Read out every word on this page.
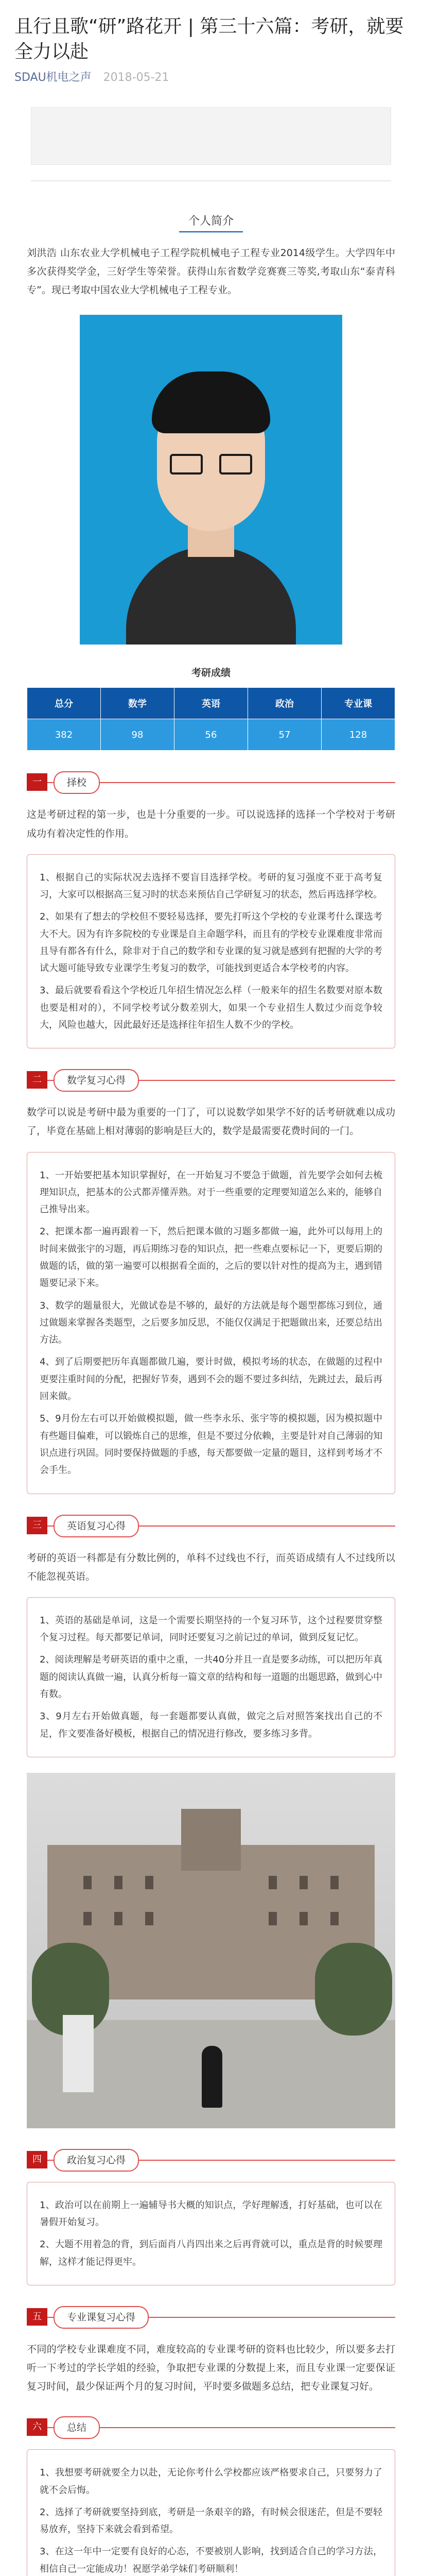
且行且歌“研”路花开 | 第三十六篇：考研，就要全力以赴
SDAU机电之声 2018-05-21
个人简介

刘洪浩 山东农业大学机械电子工程学院机械电子工程专业2014级学生。大学四年中多次获得奖学金，三好学生等荣誉。获得山东省数学竞赛赛三等奖,考取山东“泰青科专”。现已考取中国农业大学机械电子工程专业。

考研成绩
总分	数学	英语	政治	专业课
382	98	56	57	128
一	择校

这是考研过程的第一步，也是十分重要的一步。可以说选择的选择一个学校对于考研成功有着决定性的作用。

1、根据自己的实际状况去选择不要盲目选择学校。考研的复习强度不亚于高考复习，大家可以根据高三复习时的状态来预估自己学研复习的状态，然后再选择学校。

2、如果有了想去的学校但不要轻易选择，要先打听这个学校的专业课考什么课选考大不大。因为有许多院校的专业课是自主命题学科，而且有的学校专业课难度非常而且导有都各有什么，除非对于自己的数学和专业课的复习就是感到有把握的大学的考试大题可能导致专业课学生考复习的数学，可能找到更适合本学校考的内容。

3、最后就要看看这个学校近几年招生情况怎么样（一般来年的招生名数要对原本数也要是相对的），不同学校考试分数差别大，如果一个专业招生人数过少而竞争较大，风险也越大，因此最好还是选择往年招生人数不少的学校。

二	数学复习心得

数学可以说是考研中最为重要的一门了，可以说数学如果学不好的话考研就难以成功了，毕竟在基础上相对薄弱的影响是巨大的，数学是最需要花费时间的一门。

1、一开始要把基本知识掌握好，在一开始复习不要急于做题，首先要学会如何去梳理知识点，把基本的公式都弄懂弄熟。对于一些重要的定理要知道怎么来的，能够自己推导出来。

2、把课本都一遍再跟着一下，然后把课本做的习题多都做一遍，此外可以每用上的时间来做张宇的习题，再后期练习卷的知识点，把一些难点要标记一下，更要后期的做题的话，做的第一遍要可以根据看全面的，之后的要以针对性的提高为主，遇到错题要记录下来。

3、数学的题量很大，光做试卷是不够的，最好的方法就是每个题型都练习到位，通过做题来掌握各类题型，之后要多加反思，不能仅仅满足于把题做出来，还要总结出方法。

4、到了后期要把历年真题都做几遍，要计时做，模拟考场的状态，在做题的过程中更要注重时间的分配，把握好节奏，遇到不会的题不要过多纠结，先跳过去，最后再回来做。

5、9月份左右可以开始做模拟题，做一些李永乐、张宇等的模拟题，因为模拟题中有些题目偏难，可以锻炼自己的思维，但是不要过分依赖，主要是针对自己薄弱的知识点进行巩固。同时要保持做题的手感，每天都要做一定量的题目，这样到考场才不会手生。

三	英语复习心得

考研的英语一科都是有分数比例的，单科不过线也不行，而英语成绩有人不过线所以不能忽视英语。

1、英语的基础是单词，这是一个需要长期坚持的一个复习环节，这个过程要贯穿整个复习过程。每天都要记单词，同时还要复习之前记过的单词，做到反复记忆。

2、阅读理解是考研英语的重中之重，一共40分并且一直是要多动练，可以把历年真题的阅读认真做一遍，认真分析每一篇文章的结构和每一道题的出题思路，做到心中有数。

3、9月左右开始做真题，每一套题都要认真做，做完之后对照答案找出自己的不足，作文要准备好模板，根据自己的情况进行修改，要多练习多背。

四	政治复习心得

1、政治可以在前期上一遍辅导书大概的知识点，学好理解透，打好基础，也可以在暑假开始复习。

2、大题不用着急的背，到后面肖八肖四出来之后再背就可以，重点是背的时候要理解，这样才能记得更牢。

五	专业课复习心得

不同的学校专业课难度不同，难度较高的专业课考研的资料也比较少，所以要多去打听一下考过的学长学姐的经验，争取把专业课的分数提上来，而且专业课一定要保证复习时间，最少保证两个月的复习时间，平时要多做题多总结，把专业课复习好。

六	总结

1、我想要考研就要全力以赴，无论你考什么学校都应该严格要求自己，只要努力了就不会后悔。

2、选择了考研就要坚持到底，考研是一条艰辛的路，有时候会很迷茫，但是不要轻易放弃，坚持下来就会看到希望。

3、在这一年中一定要有良好的心态，不要被别人影响，找到适合自己的学习方法，相信自己一定能成功！祝愿学弟学妹们考研顺利！
